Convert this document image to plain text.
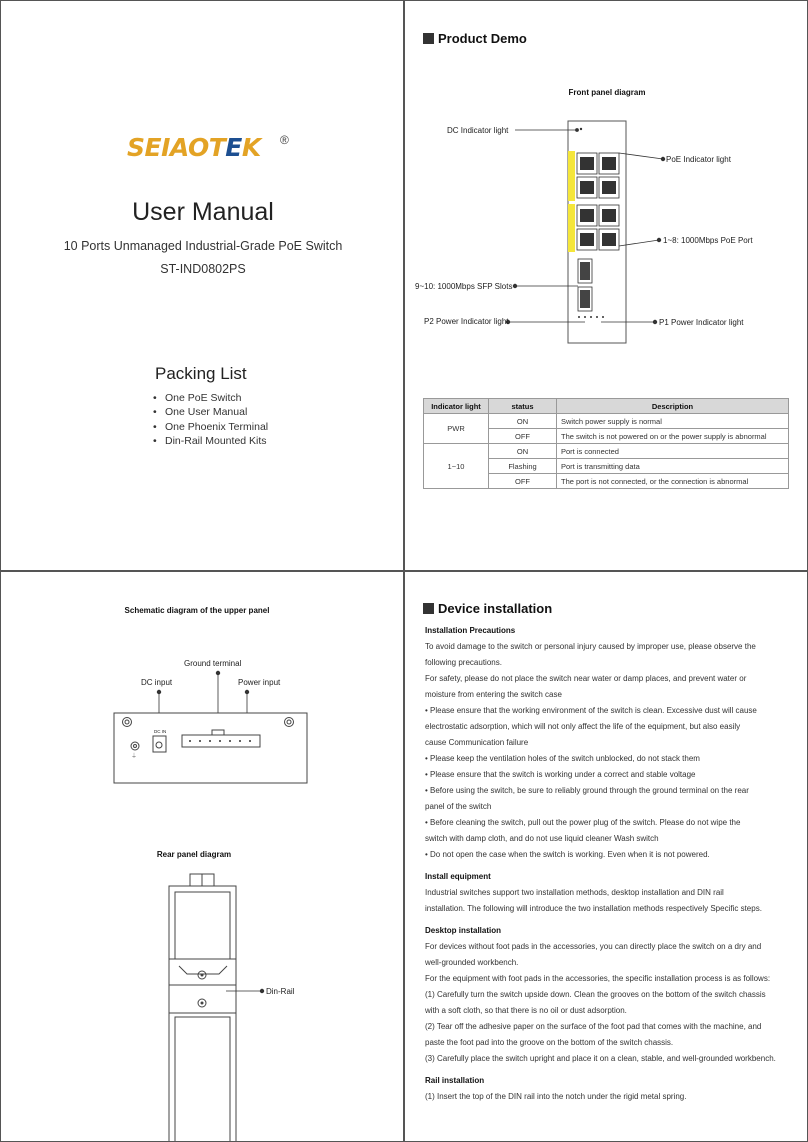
SEIAOTEK ®
User Manual
10 Ports Unmanaged Industrial-Grade PoE Switch
ST-IND0802PS
Packing List
• One PoE Switch
• One User Manual
• One Phoenix Terminal
• Din-Rail Mounted Kits
Product Demo
Front panel diagram
DC Indicator light
PoE Indicator light
1~8: 1000Mbps PoE Port
9~10: 1000Mbps SFP Slots
P2 Power Indicator light	P1 Power Indicator light
Indicator light	status	Description
PWR	ON	Switch power supply is normal
	OFF	The switch is not powered on or the power supply is abnormal
1~10	ON	Port is connected
	Flashing	Port is transmitting data
	OFF	The port is not connected, or the connection is abnormal
Schematic diagram of the upper panel
Ground terminal
DC input	Power input
⏚
DC IN
Rear panel diagram
Din-Rail
Device installation
Installation Precautions

To avoid damage to the switch or personal injury caused by improper use, please observe the

following precautions.

For safety, please do not place the switch near water or damp places, and prevent water or

moisture from entering the switch case

• Please ensure that the working environment of the switch is clean. Excessive dust will cause

electrostatic adsorption, which will not only affect the life of the equipment, but also easily

cause Communication failure

• Please keep the ventilation holes of the switch unblocked, do not stack them

• Please ensure that the switch is working under a correct and stable voltage

• Before using the switch, be sure to reliably ground through the ground terminal on the rear

panel of the switch

• Before cleaning the switch, pull out the power plug of the switch. Please do not wipe the

switch with damp cloth, and do not use liquid cleaner Wash switch

• Do not open the case when the switch is working. Even when it is not powered.

Install equipment

Industrial switches support two installation methods, desktop installation and DIN rail

installation. The following will introduce the two installation methods respectively Specific steps.

Desktop installation

For devices without foot pads in the accessories, you can directly place the switch on a dry and

well-grounded workbench.

For the equipment with foot pads in the accessories, the specific installation process is as follows:

(1) Carefully turn the switch upside down. Clean the grooves on the bottom of the switch chassis

with a soft cloth, so that there is no oil or dust adsorption.

(2) Tear off the adhesive paper on the surface of the foot pad that comes with the machine, and

paste the foot pad into the groove on the bottom of the switch chassis.

(3) Carefully place the switch upright and place it on a clean, stable, and well-grounded workbench.

Rail installation

(1) Insert the top of the DIN rail into the notch under the rigid metal spring.
